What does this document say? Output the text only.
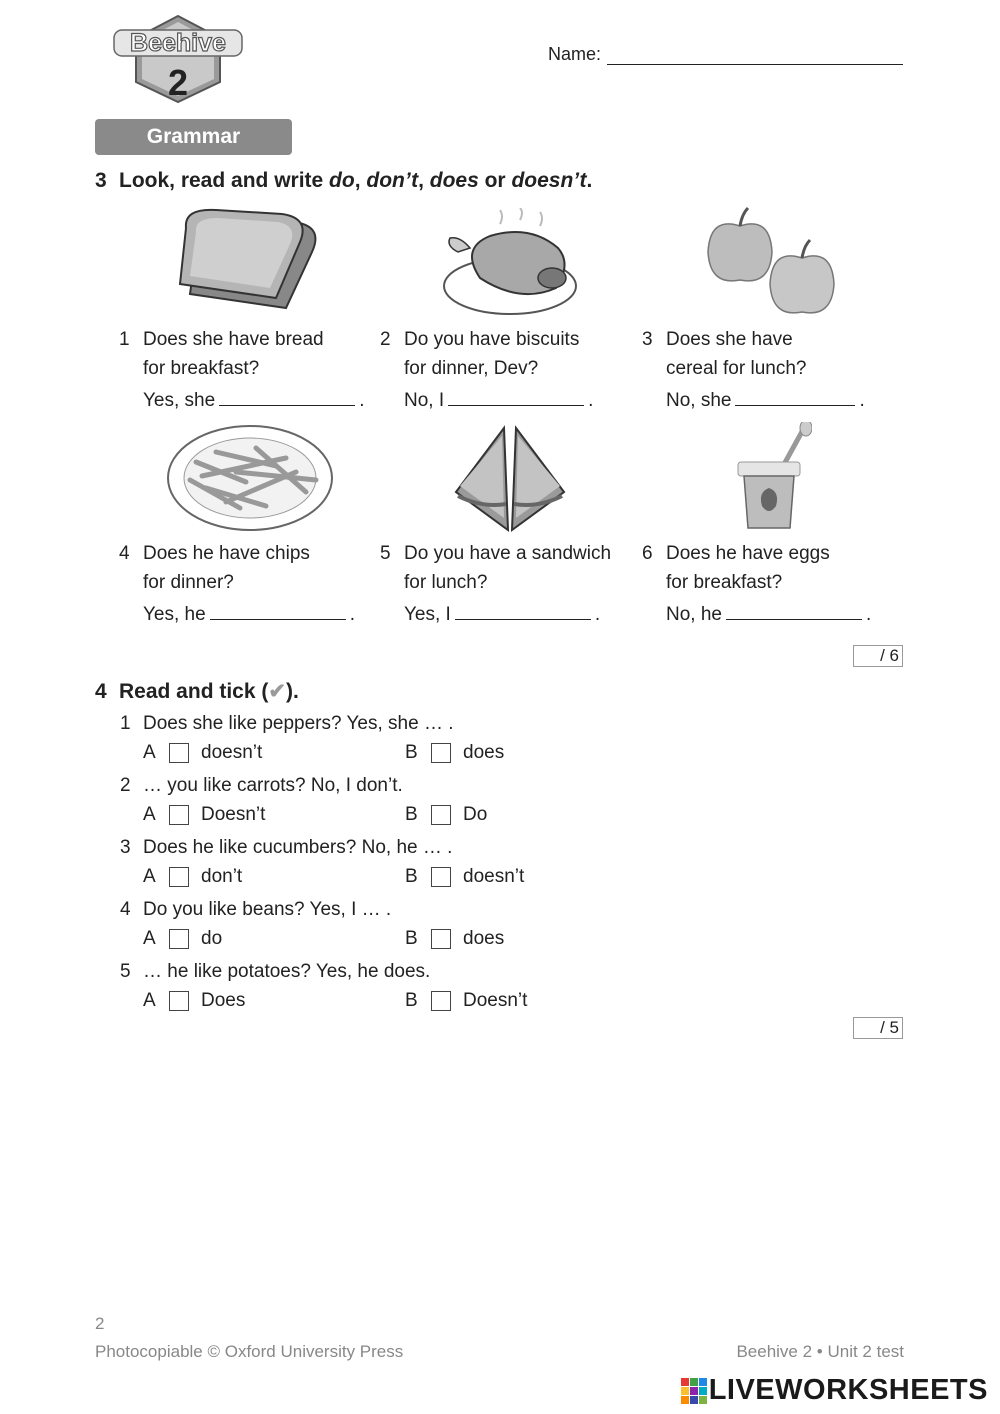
Beehive
2
Name:
Grammar
3 Look, read and write do, don’t, does or doesn’t.
1 Does she have bread
for breakfast?
Yes, she	.
2 Do you have biscuits
for dinner, Dev?
No, I	.
3 Does she have
cereal for lunch?
No, she	.
4 Does he have chips
for dinner?
Yes, he	.
5 Do you have a sandwich
for lunch?
Yes, I	.
6 Does he have eggs
for breakfast?
No, he	.
/ 6
4 Read and tick (✔).
1 Does she like peppers? Yes, she … .
A	doesn’t	B	does
2 … you like carrots? No, I don’t.
A	Doesn’t	B	Do
3 Does he like cucumbers? No, he … .
A	don’t	B	doesn’t
4 Do you like beans? Yes, I … .
A	do	B	does
5 … he like potatoes? Yes, he does.
A	Does	B	Doesn’t
/ 5
2
Photocopiable © Oxford University Press	Beehive 2 • Unit 2 test
LIVEWORKSHEETS
